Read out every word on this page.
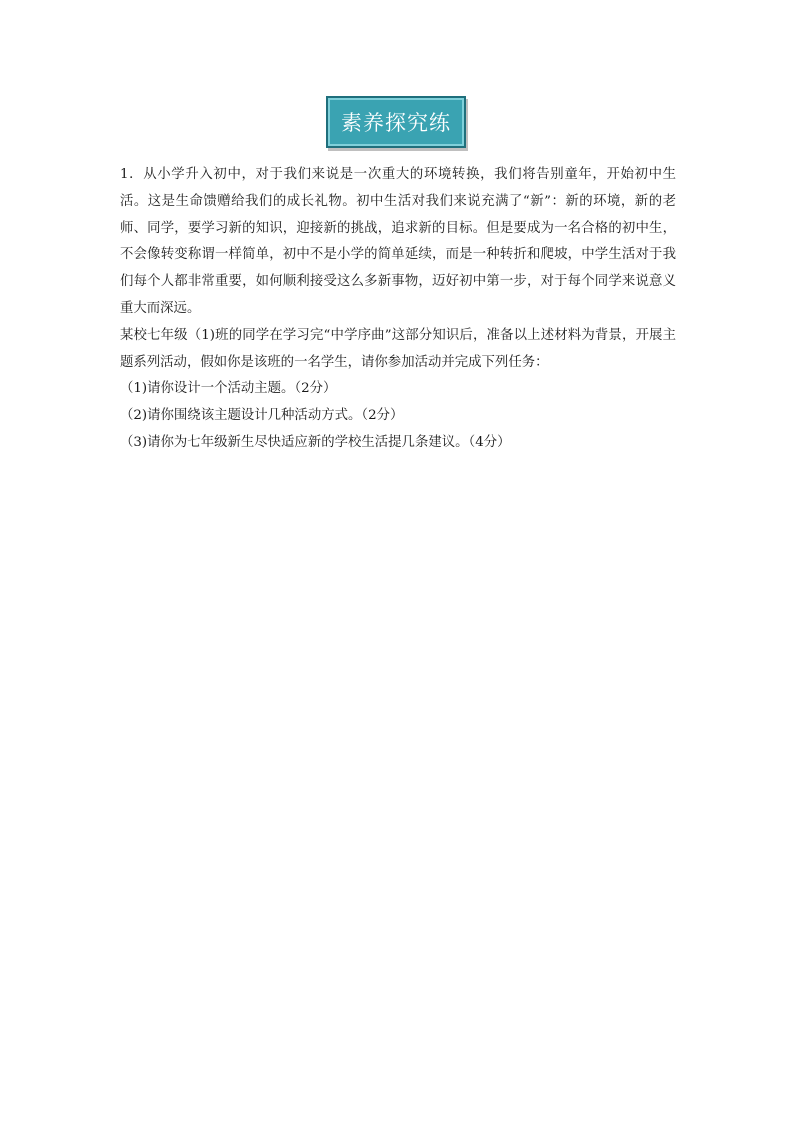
素养探究练

1．从小学升入初中，对于我们来说是一次重大的环境转换，我们将告别童年，开始初中生活。这是生命馈赠给我们的成长礼物。初中生活对我们来说充满了“新”：新的环境，新的老师、同学，要学习新的知识，迎接新的挑战，追求新的目标。但是要成为一名合格的初中生，不会像转变称谓一样简单，初中不是小学的简单延续，而是一种转折和爬坡，中学生活对于我们每个人都非常重要，如何顺利接受这么多新事物，迈好初中第一步，对于每个同学来说意义重大而深远。

某校七年级（1)班的同学在学习完“中学序曲”这部分知识后，准备以上述材料为背景，开展主题系列活动，假如你是该班的一名学生，请你参加活动并完成下列任务：

（1)请你设计一个活动主题。（2分）

（2)请你围绕该主题设计几种活动方式。（2分）

（3)请你为七年级新生尽快适应新的学校生活提几条建议。（4分）
